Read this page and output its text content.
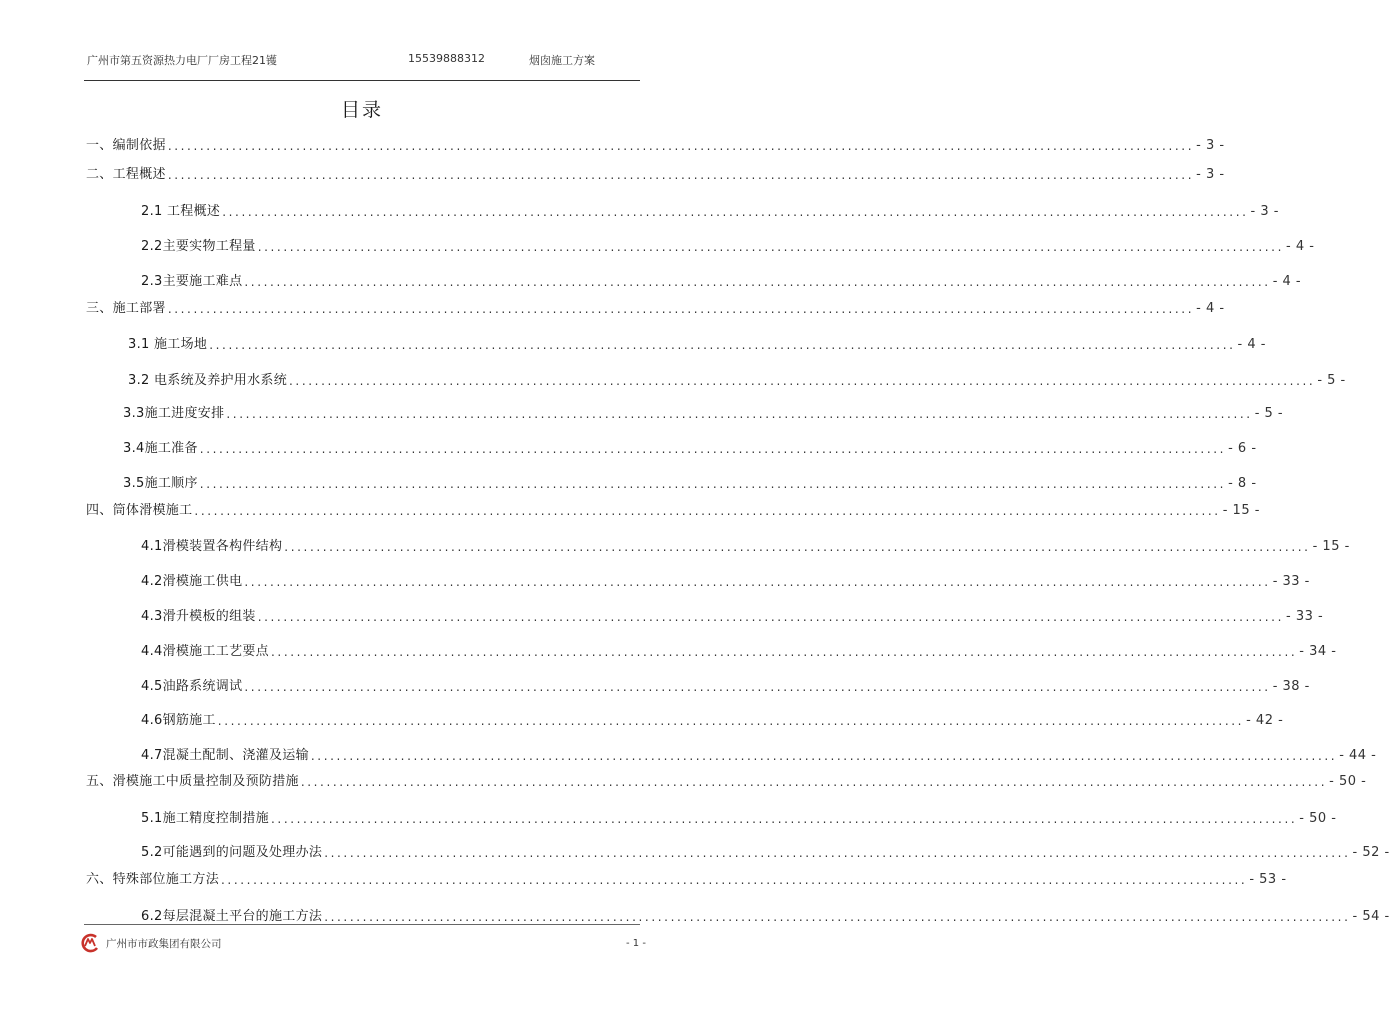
广州市第五资源热力电厂厂房工程21镬	15539888312	烟囱施工方案
目录
一、编制依据 ................................................................................................................................................................ - 3 -
二、工程概述 ................................................................................................................................................................ - 3 -
2.1 工程概述 ................................................................................................................................................................ - 3 -
2.2主要实物工程量 ................................................................................................................................................................ - 4 -
2.3主要施工难点 ................................................................................................................................................................ - 4 -
三、施工部署 ................................................................................................................................................................ - 4 -
3.1 施工场地 ................................................................................................................................................................ - 4 -
3.2 电系统及养护用水系统 ................................................................................................................................................................ - 5 -
3.3施工进度安排 ................................................................................................................................................................ - 5 -
3.4施工准备 ................................................................................................................................................................ - 6 -
3.5施工顺序 ................................................................................................................................................................ - 8 -
四、筒体滑模施工 ................................................................................................................................................................ - 15 -
4.1滑模装置各构件结构 ................................................................................................................................................................ - 15 -
4.2滑模施工供电 ................................................................................................................................................................ - 33 -
4.3滑升模板的组装 ................................................................................................................................................................ - 33 -
4.4滑模施工工艺要点 ................................................................................................................................................................ - 34 -
4.5油路系统调试 ................................................................................................................................................................ - 38 -
4.6钢筋施工 ................................................................................................................................................................ - 42 -
4.7混凝土配制、浇灌及运输 ................................................................................................................................................................ - 44 -
五、滑模施工中质量控制及预防措施 ................................................................................................................................................................ - 50 -
5.1施工精度控制措施 ................................................................................................................................................................ - 50 -
5.2可能遇到的问题及处理办法 ................................................................................................................................................................ - 52 -
六、特殊部位施工方法 ................................................................................................................................................................ - 53 -
6.2每层混凝土平台的施工方法 ................................................................................................................................................................ - 54 -
广州市市政集团有限公司	- 1 -
